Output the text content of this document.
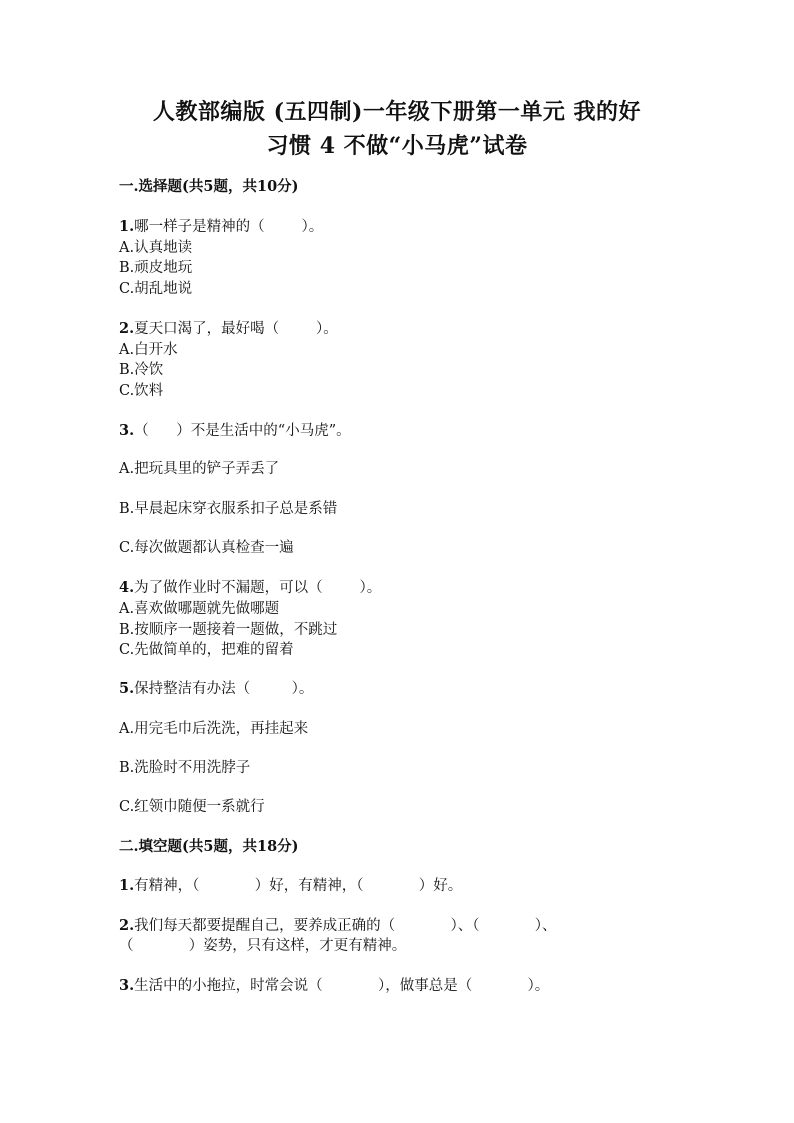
人教部编版 (五四制)一年级下册第一单元 我的好
习惯 4 不做“小马虎”试卷
一.选择题(共5题，共10分)
1.哪一样子是精神的（        ）。
A.认真地读
B.顽皮地玩
C.胡乱地说
2.夏天口渴了，最好喝（        ）。
A.白开水
B.冷饮
C.饮料
3.（      ）不是生活中的“小马虎”。
A.把玩具里的铲子弄丢了
B.早晨起床穿衣服系扣子总是系错
C.每次做题都认真检查一遍
4.为了做作业时不漏题，可以（        ）。
A.喜欢做哪题就先做哪题
B.按顺序一题接着一题做，不跳过
C.先做简单的，把难的留着
5.保持整洁有办法（         ）。
A.用完毛巾后洗洗，再挂起来
B.洗脸时不用洗脖子
C.红领巾随便一系就行
二.填空题(共5题，共18分)
1.有精神，（            ）好，有精神，（            ）好。
2.我们每天都要提醒自己，要养成正确的（            ）、（            ）、
（            ）姿势，只有这样，才更有精神。
3.生活中的小拖拉，时常会说（            ），做事总是（            ）。
